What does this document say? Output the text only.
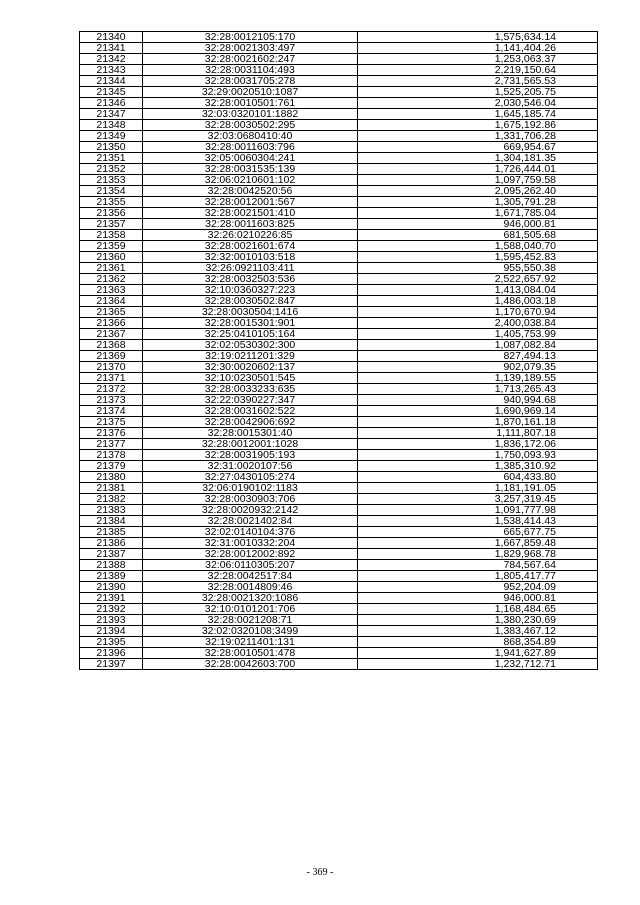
21340	32:28:0012105:170	1,575,634.14
21341	32:28:0021303:497	1,141,404.26
21342	32:28:0021602:247	1,253,063.37
21343	32:28:0031104:493	2,219,150.64
21344	32:28:0031705:278	2,731,565.53
21345	32:29:0020510:1087	1,525,205.75
21346	32:28:0010501:761	2,030,546.04
21347	32:03:0320101:1882	1,645,185.74
21348	32:28:0030502:295	1,675,192.86
21349	32:03:0680410:40	1,331,706.28
21350	32:28:0011603:796	669,954.67
21351	32:05:0060304:241	1,304,181.35
21352	32:28:0031535:139	1,726,444.01
21353	32:06:0210601:102	1,097,759.58
21354	32:28:0042520:56	2,095,262.40
21355	32:28:0012001:567	1,305,791.28
21356	32:28:0021501:410	1,671,785.04
21357	32:28:0011603:825	946,000.81
21358	32:26:0210226:85	681,505.68
21359	32:28:0021601:674	1,588,040.70
21360	32:32:0010103:518	1,595,452.83
21361	32:26:0921103:411	955,550.38
21362	32:28:0032503:536	2,522,657.92
21363	32:10:0360327:223	1,413,084.04
21364	32:28:0030502:847	1,486,003.18
21365	32:28:0030504:1416	1,170,670.94
21366	32:28:0015301:901	2,400,038.84
21367	32:25:0410105:164	1,405,753.99
21368	32:02:0530302:300	1,087,082.84
21369	32:19:0211201:329	827,494.13
21370	32:30:0020602:137	902,079.35
21371	32:10:0230501:545	1,139,189.55
21372	32:28:0033233:635	1,713,265.43
21373	32:22:0390227:347	940,994.68
21374	32:28:0031602:522	1,690,969.14
21375	32:28:0042906:692	1,870,161.18
21376	32:28:0015301:40	1,111,807.18
21377	32:28:0012001:1028	1,836,172.06
21378	32:28:0031905:193	1,750,093.93
21379	32:31:0020107:56	1,385,310.92
21380	32:27:0430105:274	604,433.80
21381	32:06:0190102:1183	1,181,191.05
21382	32:28:0030903:706	3,257,319.45
21383	32:28:0020932:2142	1,091,777.98
21384	32:28:0021402:84	1,538,414.43
21385	32:02:0140104:376	665,677.75
21386	32:31:0010332:204	1,667,859.48
21387	32:28:0012002:892	1,829,968.78
21388	32:06:0110305:207	784,567.64
21389	32:28:0042517:84	1,805,417.77
21390	32:28:0014809:46	952,204.09
21391	32:28:0021320:1086	946,000.81
21392	32:10:0101201:706	1,168,484.65
21393	32:28:0021208:71	1,380,230.69
21394	32:02:0320108:3499	1,383,467.12
21395	32:19:0211401:131	868,354.89
21396	32:28:0010501:478	1,941,627.89
21397	32:28:0042603:700	1,232,712.71
- 369 -
